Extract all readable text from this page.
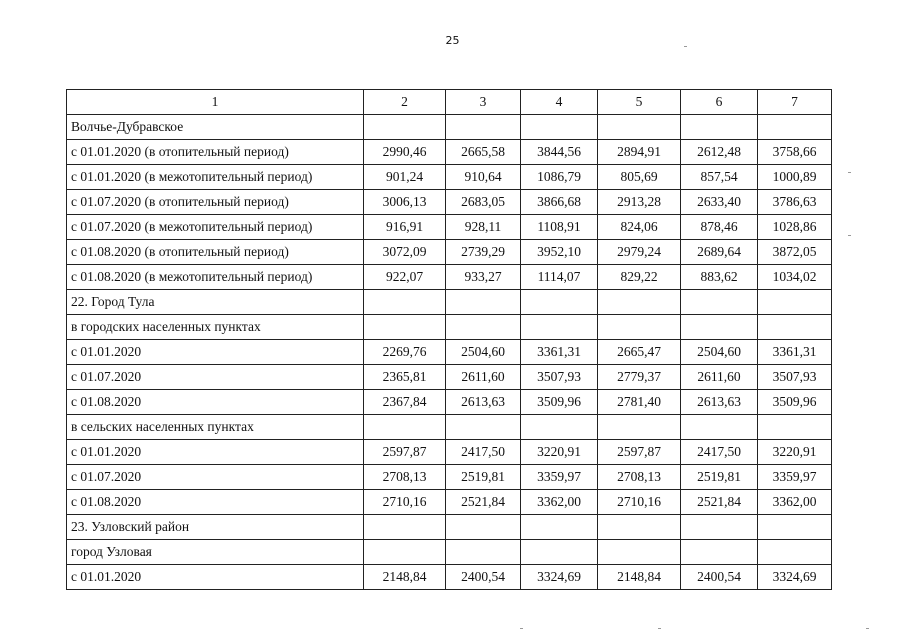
25
1	2	3	4	5	6	7
Волчье-Дубравское						
с 01.01.2020 (в отопительный период)	2990,46	2665,58	3844,56	2894,91	2612,48	3758,66
с 01.01.2020 (в межотопительный период)	901,24	910,64	1086,79	805,69	857,54	1000,89
с 01.07.2020 (в отопительный период)	3006,13	2683,05	3866,68	2913,28	2633,40	3786,63
с 01.07.2020 (в межотопительный период)	916,91	928,11	1108,91	824,06	878,46	1028,86
с 01.08.2020 (в отопительный период)	3072,09	2739,29	3952,10	2979,24	2689,64	3872,05
с 01.08.2020 (в межотопительный период)	922,07	933,27	1114,07	829,22	883,62	1034,02
22. Город Тула						
в городских населенных пунктах						
с 01.01.2020	2269,76	2504,60	3361,31	2665,47	2504,60	3361,31
с 01.07.2020	2365,81	2611,60	3507,93	2779,37	2611,60	3507,93
с 01.08.2020	2367,84	2613,63	3509,96	2781,40	2613,63	3509,96
в сельских населенных пунктах						
с 01.01.2020	2597,87	2417,50	3220,91	2597,87	2417,50	3220,91
с 01.07.2020	2708,13	2519,81	3359,97	2708,13	2519,81	3359,97
с 01.08.2020	2710,16	2521,84	3362,00	2710,16	2521,84	3362,00
23. Узловский район						
город Узловая						
с 01.01.2020	2148,84	2400,54	3324,69	2148,84	2400,54	3324,69
